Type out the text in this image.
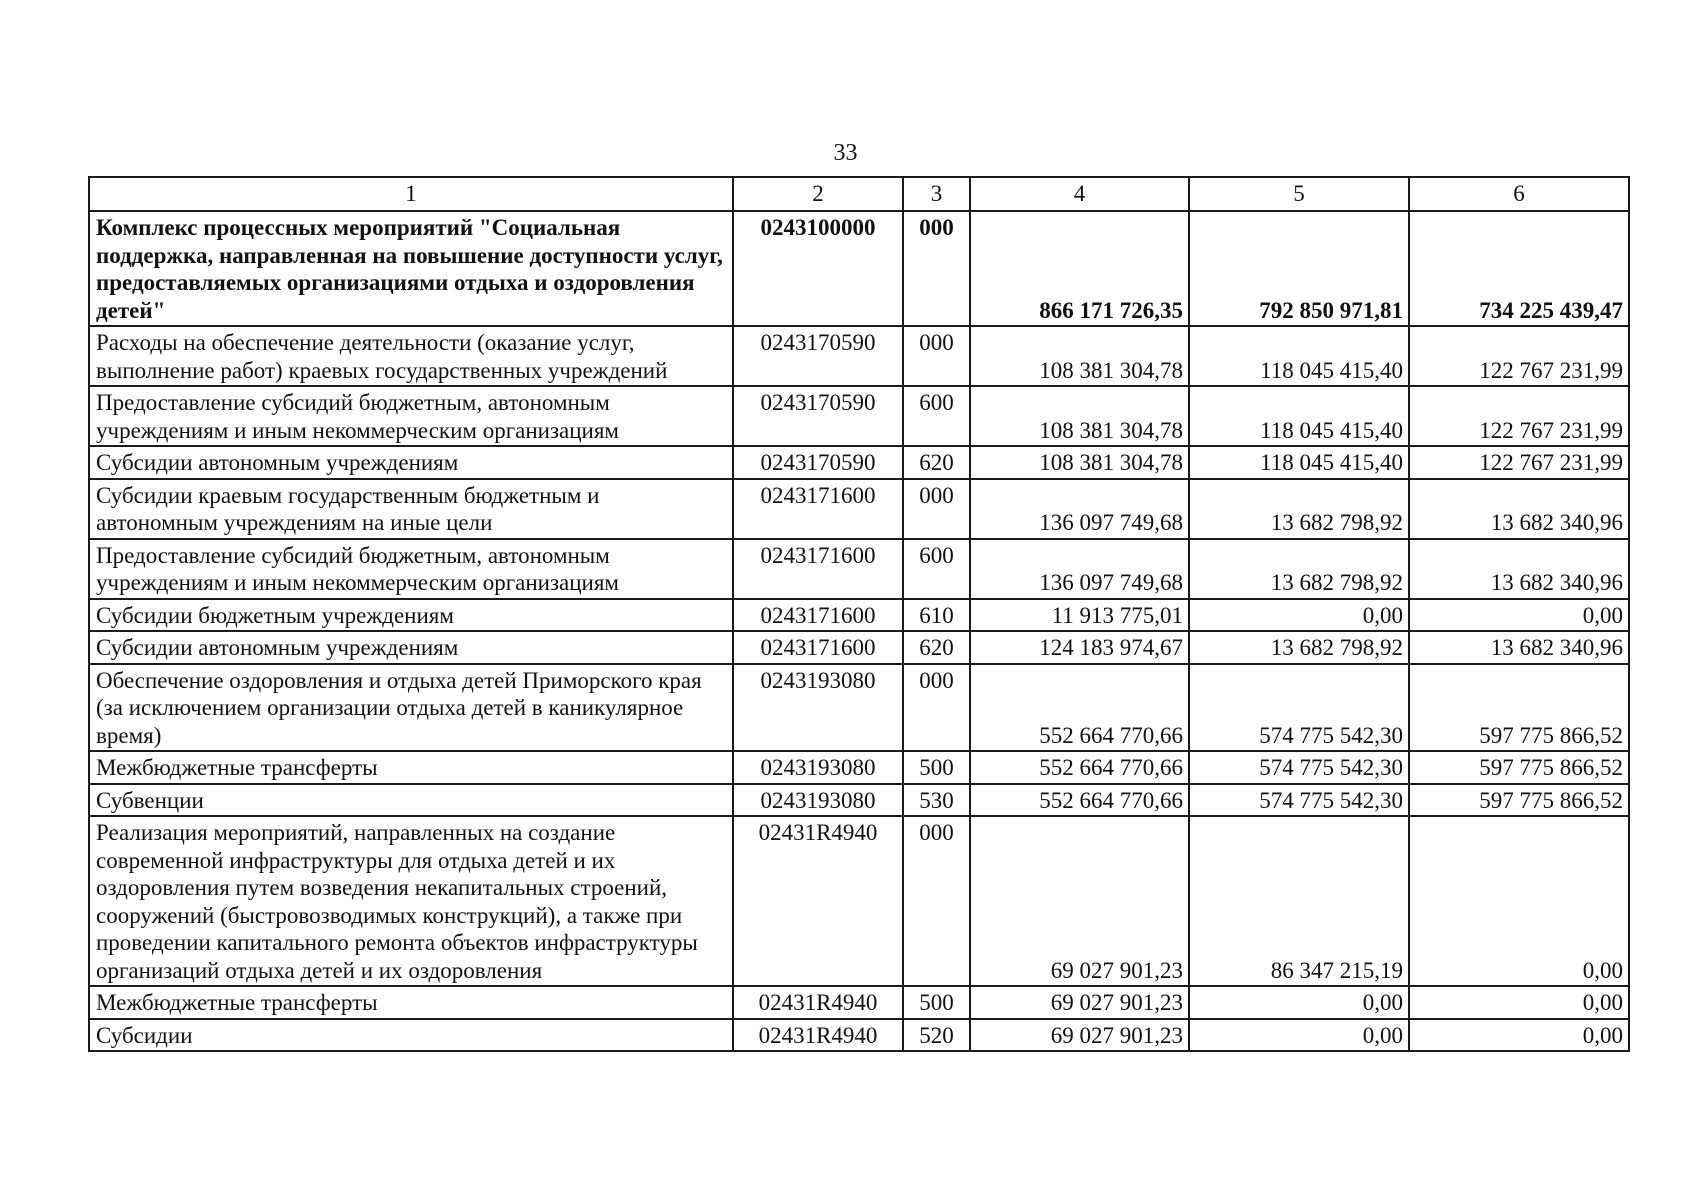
33
1	2	3	4	5	6
Комплекс процессных мероприятий "Социальная поддержка, направленная на повышение доступности услуг, предоставляемых организациями отдыха и оздоровления детей"	0243100000	000	866 171 726,35	792 850 971,81	734 225 439,47
Расходы на обеспечение деятельности (оказание услуг, выполнение работ) краевых государственных учреждений	0243170590	000	108 381 304,78	118 045 415,40	122 767 231,99
Предоставление субсидий бюджетным, автономным учреждениям и иным некоммерческим организациям	0243170590	600	108 381 304,78	118 045 415,40	122 767 231,99
Субсидии автономным учреждениям	0243170590	620	108 381 304,78	118 045 415,40	122 767 231,99
Субсидии краевым государственным бюджетным и автономным учреждениям на иные цели	0243171600	000	136 097 749,68	13 682 798,92	13 682 340,96
Предоставление субсидий бюджетным, автономным учреждениям и иным некоммерческим организациям	0243171600	600	136 097 749,68	13 682 798,92	13 682 340,96
Субсидии бюджетным учреждениям	0243171600	610	11 913 775,01	0,00	0,00
Субсидии автономным учреждениям	0243171600	620	124 183 974,67	13 682 798,92	13 682 340,96
Обеспечение оздоровления и отдыха детей Приморского края (за исключением организации отдыха детей в каникулярное время)	0243193080	000	552 664 770,66	574 775 542,30	597 775 866,52
Межбюджетные трансферты	0243193080	500	552 664 770,66	574 775 542,30	597 775 866,52
Субвенции	0243193080	530	552 664 770,66	574 775 542,30	597 775 866,52
Реализация мероприятий, направленных на создание современной инфраструктуры для отдыха детей и их оздоровления путем возведения некапитальных строений, сооружений (быстровозводимых конструкций), а также при проведении капитального ремонта объектов инфраструктуры организаций отдыха детей и их оздоровления	02431R4940	000	69 027 901,23	86 347 215,19	0,00
Межбюджетные трансферты	02431R4940	500	69 027 901,23	0,00	0,00
Субсидии	02431R4940	520	69 027 901,23	0,00	0,00
